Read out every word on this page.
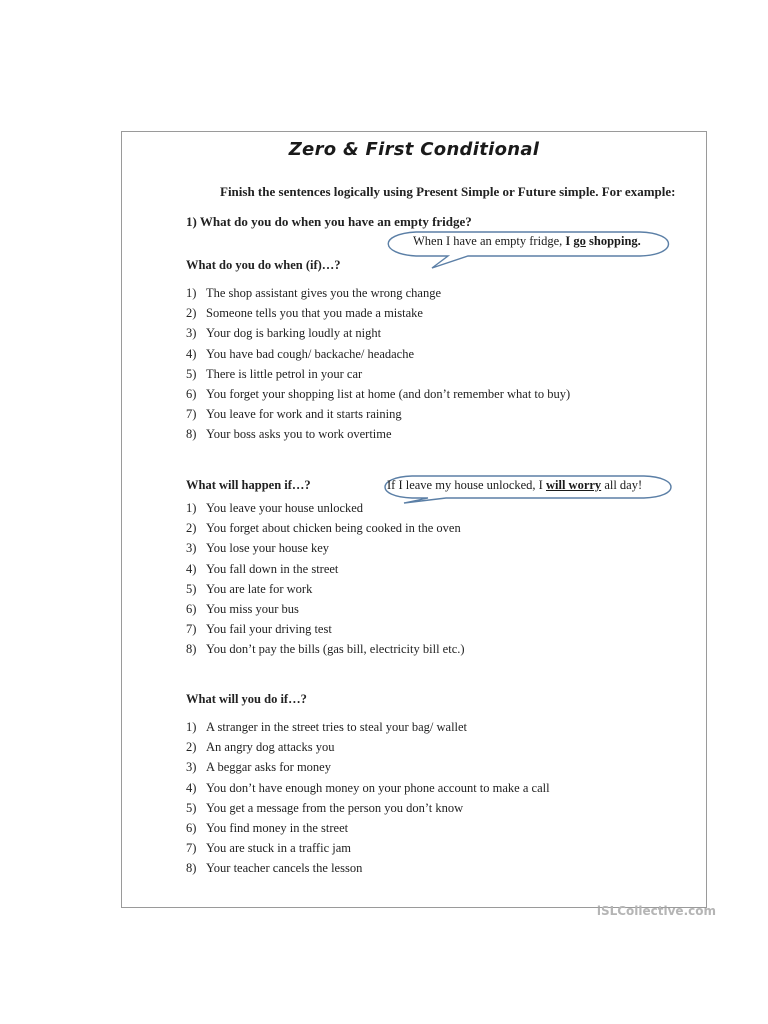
Zero & First Conditional
Finish the sentences logically using Present Simple or Future simple. For example:
1) What do you do when you have an empty fridge?
When I have an empty fridge, I go shopping.
What do you do when (if)…?
1) The shop assistant gives you the wrong change
2) Someone tells you that you made a mistake
3) Your dog is barking loudly at night
4) You have bad cough/ backache/ headache
5) There is little petrol in your car
6) You forget your shopping list at home (and don’t remember what to buy)
7) You leave for work and it starts raining
8) Your boss asks you to work overtime
What will happen if…?	If I leave my house unlocked, I will worry all day!
1) You leave your house unlocked
2) You forget about chicken being cooked in the oven
3) You lose your house key
4) You fall down in the street
5) You are late for work
6) You miss your bus
7) You fail your driving test
8) You don’t pay the bills (gas bill, electricity bill etc.)
What will you do if…?
1) A stranger in the street tries to steal your bag/ wallet
2) An angry dog attacks you
3) A beggar asks for money
4) You don’t have enough money on your phone account to make a call
5) You get a message from the person you don’t know
6) You find money in the street
7) You are stuck in a traffic jam
8) Your teacher cancels the lesson
iSLCollective.com
